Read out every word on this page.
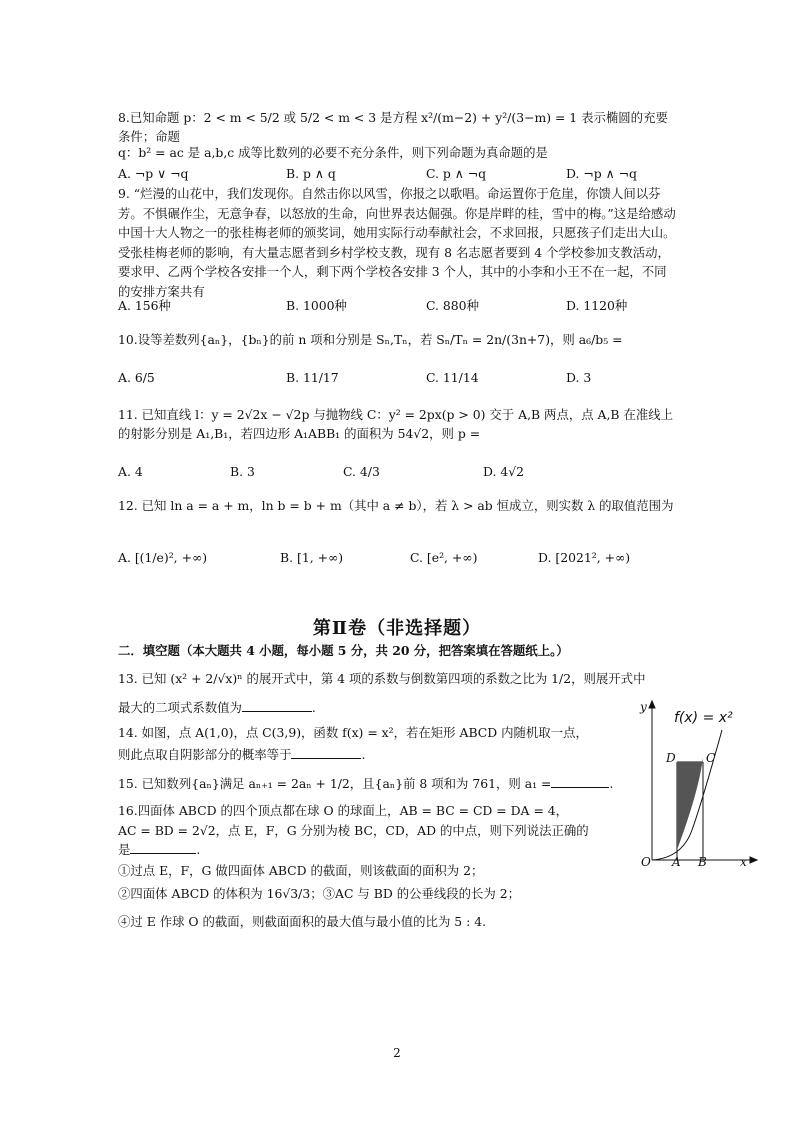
8.已知命题 p：2 < m < 5/2 或 5/2 < m < 3 是方程 x²/(m−2) + y²/(3−m) = 1 表示椭圆的充要条件；命题
q：b² = ac 是 a,b,c 成等比数列的必要不充分条件，则下列命题为真命题的是
A. ¬p ∨ ¬q	B. p ∧ q	C. p ∧ ¬q	D. ¬p ∧ ¬q
9. “烂漫的山花中，我们发现你。自然击你以风雪，你报之以歌唱。命运置你于危崖，你馈人间以芬芳。不惧碾作尘，无意争春，以怒放的生命，向世界表达倔强。你是岸畔的桂，雪中的梅。”这是给感动中国十大人物之一的张桂梅老师的颁奖词，她用实际行动奉献社会，不求回报，只愿孩子们走出大山。受张桂梅老师的影响，有大量志愿者到乡村学校支教，现有 8 名志愿者要到 4 个学校参加支教活动，要求甲、乙两个学校各安排一个人，剩下两个学校各安排 3 个人，其中的小李和小王不在一起，不同的安排方案共有
A. 156种	B. 1000种	C. 880种	D. 1120种
10.设等差数列{aₙ}，{bₙ}的前 n 项和分别是 Sₙ,Tₙ，若 Sₙ/Tₙ = 2n/(3n+7)，则 a₆/b₅ =
A. 6/5	B. 11/17	C. 11/14	D. 3
11. 已知直线 l：y = 2√2x − √2p 与抛物线 C：y² = 2px(p > 0) 交于 A,B 两点，点 A,B 在准线上的射影分别是 A₁,B₁，若四边形 A₁ABB₁ 的面积为 54√2，则 p =
A. 4	B. 3	C. 4/3	D. 4√2
12. 已知 ln a = a + m，ln b = b + m（其中 a ≠ b），若 λ > ab 恒成立，则实数 λ 的取值范围为
A. [(1/e)², +∞)	B. [1, +∞)	C. [e², +∞)	D. [2021², +∞)
第Ⅱ卷（非选择题）
二．填空题（本大题共 4 小题，每小题 5 分，共 20 分，把答案填在答题纸上。）
13. 已知 (x² + 2/√x)ⁿ 的展开式中，第 4 项的系数与倒数第四项的系数之比为 1/2，则展开式中
最大的二项式系数值为	.
14. 如图，点 A(1,0)，点 C(3,9)，函数 f(x) = x²，若在矩形 ABCD 内随机取一点，
则此点取自阴影部分的概率等于	.
15. 已知数列{aₙ}满足 aₙ₊₁ = 2aₙ + 1/2，且{aₙ}前 8 项和为 761，则 a₁ =	.
16.四面体 ABCD 的四个顶点都在球 O 的球面上，AB = BC = CD = DA = 4，
AC = BD = 2√2，点 E，F，G 分别为棱 BC，CD，AD 的中点，则下列说法正确的
是	.
①过点 E，F，G 做四面体 ABCD 的截面，则该截面的面积为 2；
②四面体 ABCD 的体积为 16√3/3；③AC 与 BD 的公垂线段的长为 2；
④过 E 作球 O 的截面，则截面面积的最大值与最小值的比为 5 : 4.
f(x) = x²
y
x
O A B
C
D
2
